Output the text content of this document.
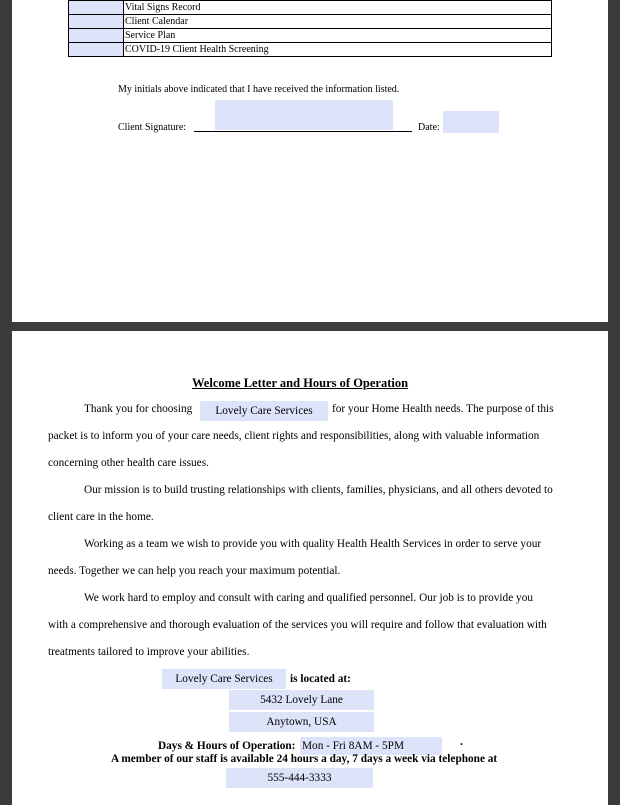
	Vital Signs Record
	Client Calendar
	Service Plan
	COVID-19 Client Health Screening
My initials above indicated that I have received the information listed.
Client Signature:	Date:
Welcome Letter and Hours of Operation
Thank you for choosing	Lovely Care Services	for your Home Health needs. The purpose of this
packet is to inform you of your care needs, client rights and responsibilities, along with valuable information
concerning other health care issues.
Our mission is to build trusting relationships with clients, families, physicians, and all others devoted to
client care in the home.
Working as a team we wish to provide you with quality Health Health Services in order to serve your
needs. Together we can help you reach your maximum potential.
We work hard to employ and consult with caring and qualified personnel. Our job is to provide you
with a comprehensive and thorough evaluation of the services you will require and follow that evaluation with
treatments tailored to improve your abilities.
Lovely Care Services	is located at:
5432 Lovely Lane
Anytown, USA
Days & Hours of Operation: Mon - Fri 8AM - 5PM	.
A member of our staff is available 24 hours a day, 7 days a week via telephone at
555-444-3333
